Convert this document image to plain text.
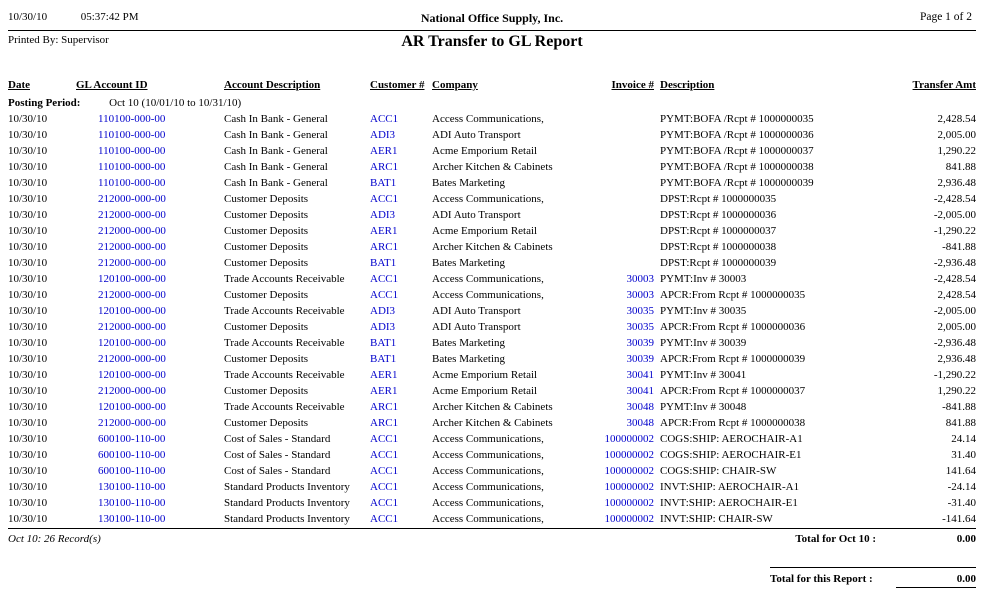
10/30/10	05:37:42 PM	National Office Supply, Inc.	Page 1 of 2
Printed By: Supervisor	AR Transfer to GL Report
Date	GL Account ID	Account Description	Customer #	Company	Invoice #	Description	Transfer Amt
Posting Period: Oct 10 (10/01/10 to 10/31/10)							
10/30/10	110100-000-00	Cash In Bank - General	ACC1	Access Communications,		PYMT:BOFA /Rcpt # 1000000035	2,428.54
10/30/10	110100-000-00	Cash In Bank - General	ADI3	ADI Auto Transport		PYMT:BOFA /Rcpt # 1000000036	2,005.00
10/30/10	110100-000-00	Cash In Bank - General	AER1	Acme Emporium Retail		PYMT:BOFA /Rcpt # 1000000037	1,290.22
10/30/10	110100-000-00	Cash In Bank - General	ARC1	Archer Kitchen & Cabinets		PYMT:BOFA /Rcpt # 1000000038	841.88
10/30/10	110100-000-00	Cash In Bank - General	BAT1	Bates Marketing		PYMT:BOFA /Rcpt # 1000000039	2,936.48
10/30/10	212000-000-00	Customer Deposits	ACC1	Access Communications,		DPST:Rcpt # 1000000035	-2,428.54
10/30/10	212000-000-00	Customer Deposits	ADI3	ADI Auto Transport		DPST:Rcpt # 1000000036	-2,005.00
10/30/10	212000-000-00	Customer Deposits	AER1	Acme Emporium Retail		DPST:Rcpt # 1000000037	-1,290.22
10/30/10	212000-000-00	Customer Deposits	ARC1	Archer Kitchen & Cabinets		DPST:Rcpt # 1000000038	-841.88
10/30/10	212000-000-00	Customer Deposits	BAT1	Bates Marketing		DPST:Rcpt # 1000000039	-2,936.48
10/30/10	120100-000-00	Trade Accounts Receivable	ACC1	Access Communications,	30003	PYMT:Inv # 30003	-2,428.54
10/30/10	212000-000-00	Customer Deposits	ACC1	Access Communications,	30003	APCR:From Rcpt # 1000000035	2,428.54
10/30/10	120100-000-00	Trade Accounts Receivable	ADI3	ADI Auto Transport	30035	PYMT:Inv # 30035	-2,005.00
10/30/10	212000-000-00	Customer Deposits	ADI3	ADI Auto Transport	30035	APCR:From Rcpt # 1000000036	2,005.00
10/30/10	120100-000-00	Trade Accounts Receivable	BAT1	Bates Marketing	30039	PYMT:Inv # 30039	-2,936.48
10/30/10	212000-000-00	Customer Deposits	BAT1	Bates Marketing	30039	APCR:From Rcpt # 1000000039	2,936.48
10/30/10	120100-000-00	Trade Accounts Receivable	AER1	Acme Emporium Retail	30041	PYMT:Inv # 30041	-1,290.22
10/30/10	212000-000-00	Customer Deposits	AER1	Acme Emporium Retail	30041	APCR:From Rcpt # 1000000037	1,290.22
10/30/10	120100-000-00	Trade Accounts Receivable	ARC1	Archer Kitchen & Cabinets	30048	PYMT:Inv # 30048	-841.88
10/30/10	212000-000-00	Customer Deposits	ARC1	Archer Kitchen & Cabinets	30048	APCR:From Rcpt # 1000000038	841.88
10/30/10	600100-110-00	Cost of Sales - Standard	ACC1	Access Communications,	100000002	COGS:SHIP: AEROCHAIR-A1	24.14
10/30/10	600100-110-00	Cost of Sales - Standard	ACC1	Access Communications,	100000002	COGS:SHIP: AEROCHAIR-E1	31.40
10/30/10	600100-110-00	Cost of Sales - Standard	ACC1	Access Communications,	100000002	COGS:SHIP: CHAIR-SW	141.64
10/30/10	130100-110-00	Standard Products Inventory	ACC1	Access Communications,	100000002	INVT:SHIP: AEROCHAIR-A1	-24.14
10/30/10	130100-110-00	Standard Products Inventory	ACC1	Access Communications,	100000002	INVT:SHIP: AEROCHAIR-E1	-31.40
10/30/10	130100-110-00	Standard Products Inventory	ACC1	Access Communications,	100000002	INVT:SHIP: CHAIR-SW	-141.64
Oct 10: 26 Record(s)	Total for Oct 10 :	0.00
Total for this Report :	0.00
